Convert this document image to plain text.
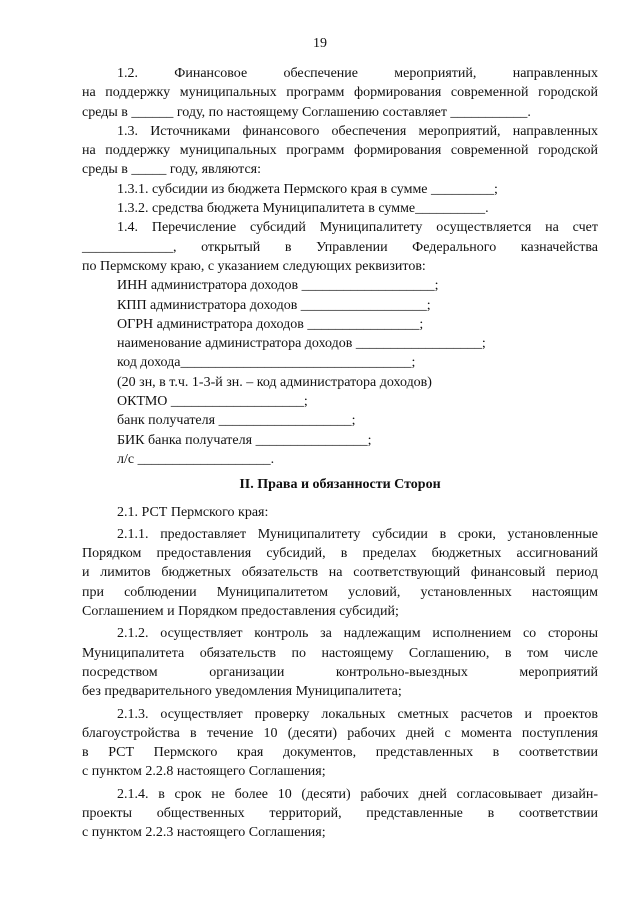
19
1.2.	Финансовое	обеспечение	мероприятий,	направленных

на поддержку муниципальных программ формирования современной городской

среды в ______ году, по настоящему Соглашению составляет ___________.

1.3. Источниками финансового обеспечения мероприятий, направленных

на поддержку муниципальных программ формирования современной городской

среды в _____ году, являются:

1.3.1. субсидии из бюджета Пермского края в сумме _________;

1.3.2. средства бюджета Муниципалитета в сумме__________.

1.4. Перечисление субсидий Муниципалитету осуществляется на счет

_____________, открытый в Управлении Федерального казначейства

по Пермскому краю, с указанием следующих реквизитов:

ИНН администратора доходов ___________________;

КПП администратора доходов __________________;

ОГРН администратора доходов ________________;

наименование администратора доходов __________________;

код дохода_________________________________;

(20 зн, в т.ч. 1-3-й зн. – код администратора доходов)

ОКТМО ___________________;

банк получателя ___________________;

БИК банка получателя ________________;

л/с ___________________.

II. Права и обязанности Сторон

2.1. РСТ Пермского края:

2.1.1. предоставляет Муниципалитету субсидии в сроки, установленные

Порядком предоставления субсидий, в пределах бюджетных ассигнований

и лимитов бюджетных обязательств на соответствующий финансовый период

при соблюдении Муниципалитетом условий, установленных настоящим

Соглашением и Порядком предоставления субсидий;

2.1.2. осуществляет контроль за надлежащим исполнением со стороны

Муниципалитета обязательств по настоящему Соглашению, в том числе

посредством	организации	контрольно-выездных	мероприятий

без предварительного уведомления Муниципалитета;

2.1.3. осуществляет проверку локальных сметных расчетов и проектов

благоустройства в течение 10 (десяти) рабочих дней с момента поступления

в РСТ Пермского края документов, представленных в соответствии

с пунктом 2.2.8 настоящего Соглашения;

2.1.4. в срок не более 10 (десяти) рабочих дней согласовывает дизайн-

проекты общественных территорий, представленные в соответствии

с пунктом 2.2.3 настоящего Соглашения;
